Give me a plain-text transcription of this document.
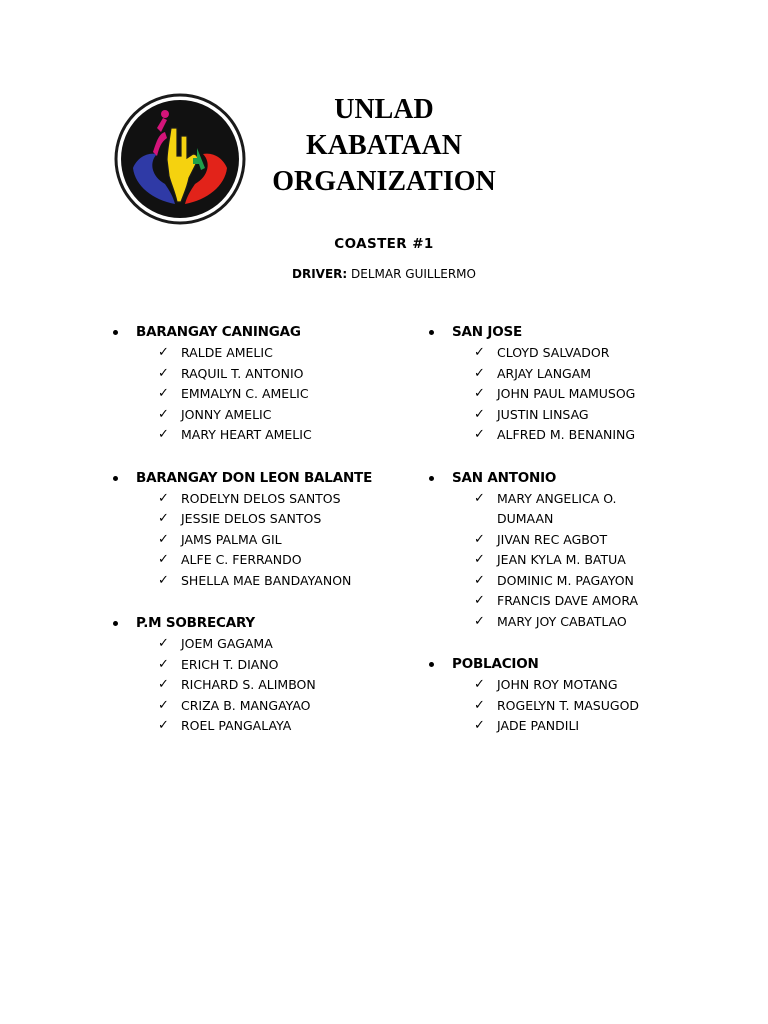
UNLAD
KABATAAN
ORGANIZATION
COASTER #1
DRIVER: DELMAR GUILLERMO
BARANGAY CANINGAG
✓ RALDE AMELIC
✓ RAQUIL T. ANTONIO
✓ EMMALYN C. AMELIC
✓ JONNY AMELIC
✓ MARY HEART AMELIC
BARANGAY DON LEON BALANTE
✓ RODELYN DELOS SANTOS
✓ JESSIE DELOS SANTOS
✓ JAMS PALMA GIL
✓ ALFE C. FERRANDO
✓ SHELLA MAE BANDAYANON
P.M SOBRECARY
✓ JOEM GAGAMA
✓ ERICH T. DIANO
✓ RICHARD S. ALIMBON
✓ CRIZA B. MANGAYAO
✓ ROEL PANGALAYA
SAN JOSE
✓ CLOYD SALVADOR
✓ ARJAY LANGAM
✓ JOHN PAUL MAMUSOG
✓ JUSTIN LINSAG
✓ ALFRED M. BENANING
SAN ANTONIO
✓ MARY ANGELICA O. DUMAAN
✓ JIVAN REC AGBOT
✓ JEAN KYLA M. BATUA
✓ DOMINIC M. PAGAYON
✓ FRANCIS DAVE AMORA
✓ MARY JOY CABATLAO
POBLACION
✓ JOHN ROY MOTANG
✓ ROGELYN T. MASUGOD
✓ JADE PANDILI
